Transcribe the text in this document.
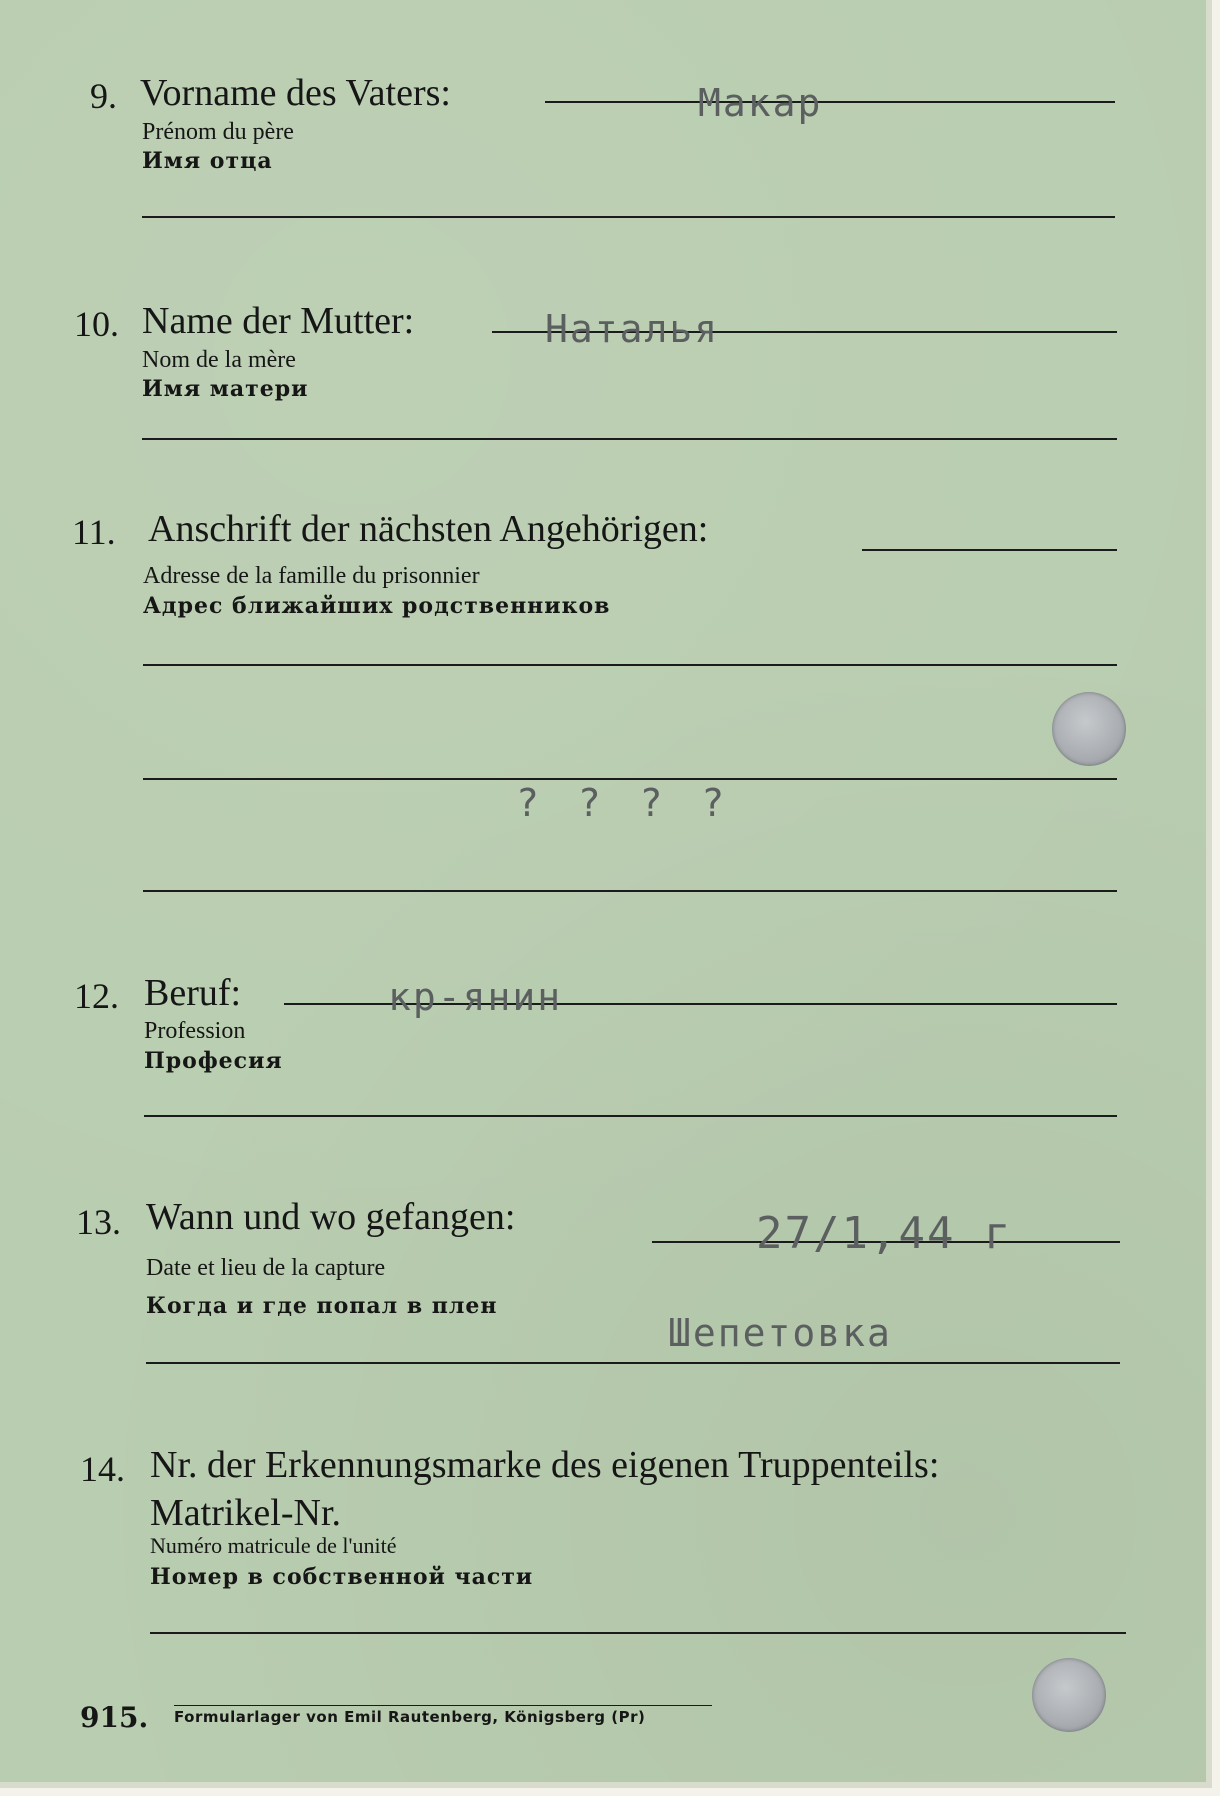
9. Vorname des Vaters:
Prénom du père
Имя отца
Макар
10. Name der Mutter:
Nom de la mère
Имя матери
Наталья
11. Anschrift der nächsten Angehörigen:
Adresse de la famille du prisonnier
Адрес ближайших родственников
? ? ? ?
12. Beruf:
Profession
Професия
кр-янин
13. Wann und wo gefangen:
Date et lieu de la capture
Когда и где попал в плен
27/1,44 г
Шепетовка
14. Nr. der Erkennungsmarke des eigenen Truppenteils:
Matrikel-Nr.
Numéro matricule de l'unité
Номер в собственной части
915. Formularlager von Emil Rautenberg, Königsberg (Pr)
